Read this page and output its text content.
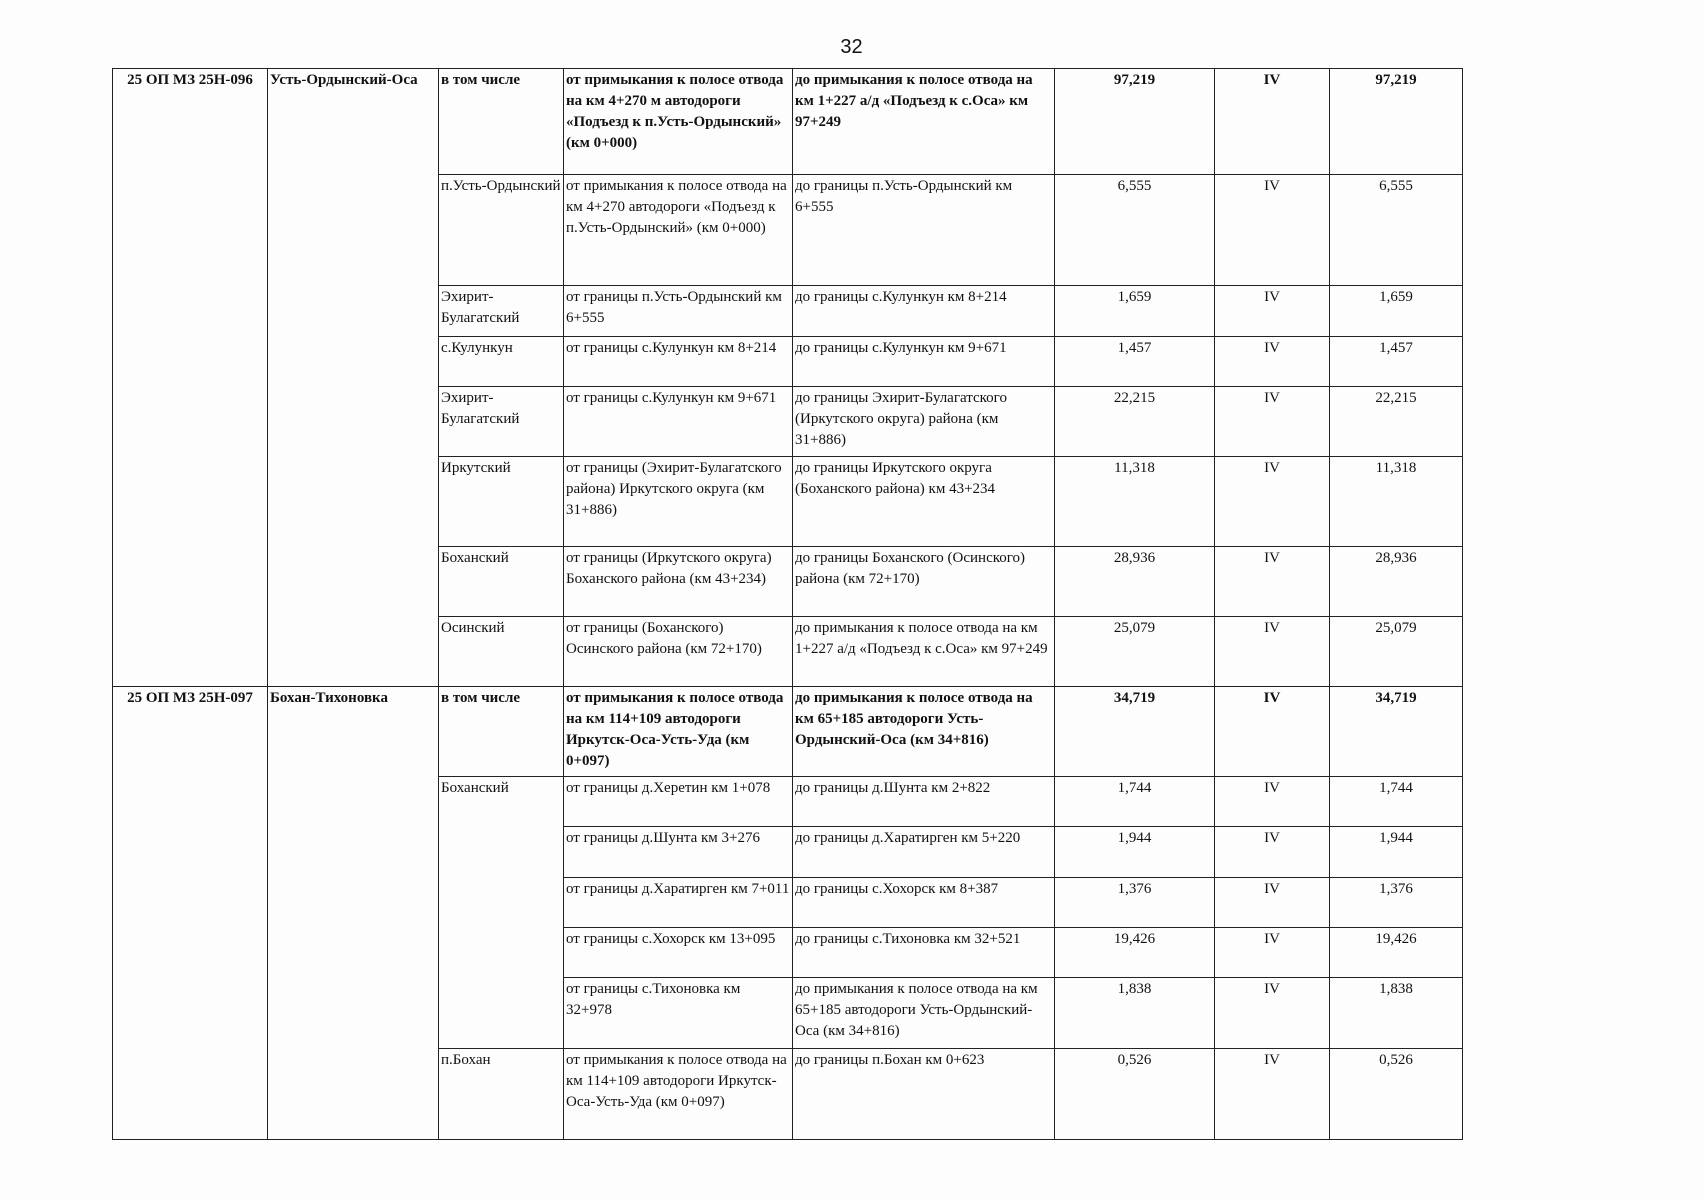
32
25 ОП МЗ 25Н-096	Усть-Ордынский-Оса	в том числе	от примыкания к полосе отвода на км 4+270 м автодороги «Подъезд к п.Усть-Ордынский» (км 0+000)	до примыкания к полосе отвода на км 1+227 а/д «Подъезд к с.Оса» км 97+249	97,219	IV	97,219
		п.Усть-Ордынский	от примыкания к полосе отвода на км 4+270 автодороги «Подъезд к п.Усть-Ордынский» (км 0+000)	до границы п.Усть-Ордынский км 6+555	6,555	IV	6,555
		Эхирит-Булагатский	от границы п.Усть-Ордынский км 6+555	до границы с.Кулункун км 8+214	1,659	IV	1,659
		с.Кулункун	от границы с.Кулункун км 8+214	до границы с.Кулункун км 9+671	1,457	IV	1,457
		Эхирит-Булагатский	от границы с.Кулункун км 9+671	до границы Эхирит-Булагатского (Иркутского округа) района (км 31+886)	22,215	IV	22,215
		Иркутский	от границы (Эхирит-Булагатского района) Иркутского округа (км 31+886)	до границы Иркутского округа (Боханского района) км 43+234	11,318	IV	11,318
		Боханский	от границы (Иркутского округа) Боханского района (км 43+234)	до границы Боханского (Осинского) района (км 72+170)	28,936	IV	28,936
		Осинский	от границы (Боханского) Осинского района (км 72+170)	до примыкания к полосе отвода на км 1+227 а/д «Подъезд к с.Оса» км 97+249	25,079	IV	25,079
25 ОП МЗ 25Н-097	Бохан-Тихоновка	в том числе	от примыкания к полосе отвода на км 114+109 автодороги Иркутск-Оса-Усть-Уда (км 0+097)	до примыкания к полосе отвода на км 65+185 автодороги Усть-Ордынский-Оса (км 34+816)	34,719	IV	34,719
		Боханский	от границы д.Херетин км 1+078	до границы д.Шунта км 2+822	1,744	IV	1,744
			от границы д.Шунта км 3+276	до границы д.Харатирген км 5+220	1,944	IV	1,944
			от границы д.Харатирген км 7+011	до границы с.Хохорск км 8+387	1,376	IV	1,376
			от границы с.Хохорск км 13+095	до границы с.Тихоновка км 32+521	19,426	IV	19,426
			от границы с.Тихоновка км 32+978	до примыкания к полосе отвода на км 65+185 автодороги Усть-Ордынский-Оса (км 34+816)	1,838	IV	1,838
		п.Бохан	от примыкания к полосе отвода на км 114+109 автодороги Иркутск-Оса-Усть-Уда (км 0+097)	до границы п.Бохан км 0+623	0,526	IV	0,526
